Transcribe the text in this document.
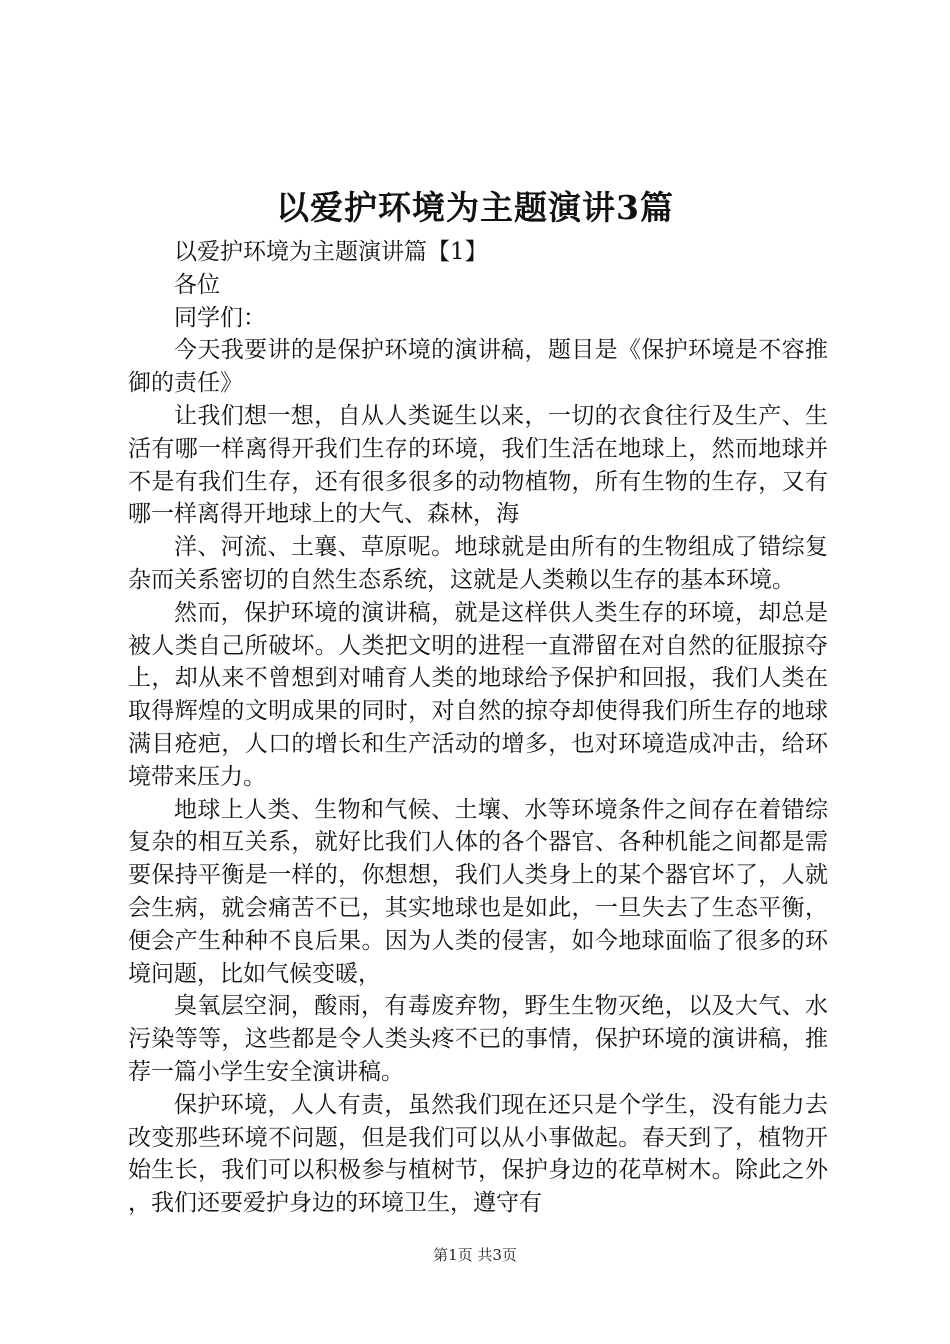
以爱护环境为主题演讲3篇

以爱护环境为主题演讲篇【1】

各位

同学们：

今天我要讲的是保护环境的演讲稿，题目是《保护环境是不容推御的责任》

让我们想一想，自从人类诞生以来，一切的衣食往行及生产、生活有哪一样离得开我们生存的环境，我们生活在地球上，然而地球并不是有我们生存，还有很多很多的动物植物，所有生物的生存，又有哪一样离得开地球上的大气、森林，海

洋、河流、土襄、草原呢。地球就是由所有的生物组成了错综复杂而关系密切的自然生态系统，这就是人类赖以生存的基本环境。

然而，保护环境的演讲稿，就是这样供人类生存的环境，却总是被人类自己所破坏。人类把文明的进程一直滞留在对自然的征服掠夺上，却从来不曾想到对哺育人类的地球给予保护和回报，我们人类在取得辉煌的文明成果的同时，对自然的掠夺却使得我们所生存的地球满目疮疤，人口的增长和生产活动的增多，也对环境造成冲击，给环境带来压力。

地球上人类、生物和气候、土壤、水等环境条件之间存在着错综复杂的相互关系，就好比我们人体的各个器官、各种机能之间都是需要保持平衡是一样的，你想想，我们人类身上的某个器官坏了，人就会生病，就会痛苦不已，其实地球也是如此，一旦失去了生态平衡，便会产生种种不良后果。因为人类的侵害，如今地球面临了很多的环境问题，比如气候变暖，

臭氧层空洞，酸雨，有毒废弃物，野生生物灭绝，以及大气、水污染等等，这些都是令人类头疼不已的事情，保护环境的演讲稿，推荐一篇小学生安全演讲稿。

保护环境，人人有责，虽然我们现在还只是个学生，没有能力去改变那些环境不问题，但是我们可以从小事做起。春天到了，植物开始生长，我们可以积极参与植树节，保护身边的花草树木。除此之外，我们还要爱护身边的环境卫生，遵守有

第1页 共3页
